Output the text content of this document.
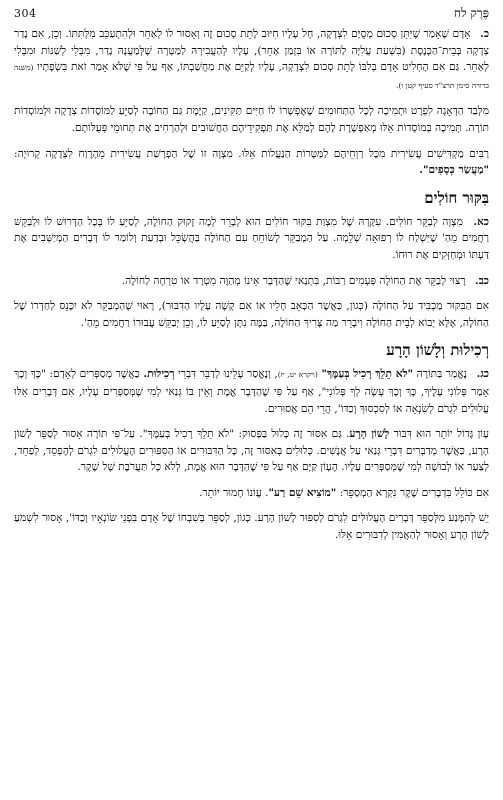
304	פֶּרֶק לח

כ. אָדָם שֶׁאָמַר שֶׁיִּתֵּן סְכוּם מְסֻיָּם לִצְדָקָה, חָל עָלָיו חִיּוּב לָתֵת סְכוּם זֶה וְאָסוּר לוֹ לְאַחֵר וּלְהִתְעַכֵּב מִלְּתִתּוֹ. וְכֵן, אִם נָדַר צְדָקָה בְּבֵית־הַכְּנֶסֶת (בִּשְׁעַת עֲלִיָּה לַתּוֹרָה אוֹ בִּזְמַן אַחֵר), עָלָיו לְהַעֲבִירָהּ לַמַּטָּרָה שֶׁלְּמַעֲנָהּ נָדַר, מִבְּלִי לְשַׁנּוֹת וּמִבְּלִי לְאַחֵר. גַּם אִם הֶחְלִיט אָדָם בְּלִבּוֹ לָתֵת סְכוּם לִצְדָקָה, עָלָיו לְקַיֵּם אֶת מַחֲשַׁבְתּוֹ, אַף עַל פִּי שֶׁלֹּא אָמַר זֹאת בִּשְׂפָתָיו (משנה ברורה סימן תרצ"ד סעיף קטן ו).

מִלְּבַד הַדְּאָגָה לִפְרָט וּתְמִיכָה לְכָל הַתְּחוּמִים שֶׁאֶפְשָׁרוֹ לוֹ חַיִּים תַּקִּינִים, קַיֶּמֶת גַּם הַחוֹבָה לְסַיֵּעַ לַמּוֹסָדוֹת צְדָקָה וּלְמוֹסְדוֹת תּוֹרָה. תְּמִיכָה בְּמוֹסָדוֹת אֵלּוּ מְאַפְשֶׁרֶת לָהֶם לְמַלֵּא אֶת תַּפְקִידֵיהֶם הַחֲשׁוּבִים וּלְהַרְחִיב אֶת תְּחוּמֵי פְּעֻלּוֹתָם.

רַבִּים מַקְדִּישִׁים עֲשִׂירִית מִכָּל רַוְחֵיהֶם לַמַּטָּרוֹת הַנַּעֲלוֹת אֵלּוּ. מִצְוָה זוֹ שֶׁל הַפְרָשַׁת עֲשִׂירִית מֵהָרֶוַח לִצְדָקָה קְרוּיָה: "מַעֲשַׂר כְּסָפִים".

בִּקּוּר חוֹלִים

כא. מִצְוָה לְבַקֵּר חוֹלִים. עִקָּרָהּ שֶׁל מִצְוַת בִּקּוּר חוֹלִים הוּא לְבָרֵר לְמָה זָקוּק הַחוֹלֶה, לְסַיֵּעַ לוֹ בְּכָל הַדָּרוּשׁ לוֹ וּלְבַקֵּשׁ רַחֲמִים מֵהַ' שֶׁיִּשְׁלַח לוֹ רְפוּאָה שְׁלֵמָה. עַל הַמְבַקֵּר לְשׂוֹחֵחַ עִם הַחוֹלֶה בַּהֲשְׂכֵּל וּבְדַעַת וְלוֹמַר לוֹ דְּבָרִים הַמְיַשְּׁבִים אֶת דַּעְתּוֹ וּמְחַזְּקִים אֶת רוּחוֹ.

כב. רָצוּי לְבַקֵּר אֶת הַחוֹלֶה פְּעָמִים רַבּוֹת, בִּתְנַאי שֶׁהַדָּבָר אֵינוֹ מְהַוֶּה מִטְרָד אוֹ טִרְחָה לַחוֹלֶה.

אִם הַבִּקּוּר מַכְבִּיד עַל הַחוֹלֶה (כְּגוֹן, כַּאֲשֶׁר הַכְּאֵב חָלֵיו אוֹ אִם קָשֶׁה עָלָיו הַדִּבּוּר), רָאוּי שֶׁהַמְבַקֵּר לֹא יִכָּנֵס לְחַדְרוֹ שֶׁל הַחוֹלֶה, אֶלָּא יָבוֹא לְבֵית הַחוֹלֶה וִיבָרֵר מַה צָּרִיךְ הַחוֹלֶה, בַּמֶּה נִתָּן לְסַיֵּעַ לוֹ, וְכֵן יְבַקֵּשׁ עֲבוּרוֹ רַחֲמִים מֵהַ'.

רְכִילוּת וְלָשׁוֹן הָרָע

כג. נֶאֱמַר בַּתּוֹרָה "לֹא תֵלֵךְ רָכִיל בְּעַמֶּךָ" (ויקרא יט, יז), וְנֶאֱסַר עָלֵינוּ לְדַבֵּר דִּבְרֵי רְכִילוּת. כַּאֲשֶׁר מְסַפְּרִים לְאָדָם: "כָּךְ וְכָךְ אָמַר פְּלוֹנִי עָלֶיךָ, כָּךְ וְכָךְ עָשָׂה לְךָ פְּלוֹנִי", אַף עַל פִּי שֶׁהַדָּבָר אֱמֶת וְאֵין בּוֹ גְּנַאי לְמִי שֶׁמְּסַפְּרִים עָלָיו, אִם דְּבָרִים אֵלּוּ עֲלוּלִים לִגְרֹם לְשִׂנְאָה אוֹ לְסִכְסוּךְ וְכַדּוֹ', הֲרֵי הֵם אֲסוּרִים.

עָוֹן גָּדוֹל יוֹתֵר הוּא דִּבּוּר לָשׁוֹן הָרָע. גַּם אִסּוּר זֶה כָּלוּל בַּפָּסוּק: "לֹא תֵלֵךְ רָכִיל בְּעַמֶּךָ". עַל־פִּי תּוֹרָה אָסוּר לְסַפֵּר לָשׁוֹן הָרָע, כַּאֲשֶׁר מְדַבְּרִים דִּבְרֵי גְּנַאי עַל אֲנָשִׁים. כְּלוּלִים בְּאִסּוּר זֶה, כָּל הַדִּבּוּרִים אוֹ הַסִּפּוּרִים הָעֲלוּלִים לִגְרֹם לְהֶפְסֵד, לְפַחֵד, לְצַעַר אוֹ לְבוּשָׁה לְמִי שֶׁמְּסַפְּרִים עָלָיו. הֶעָוֹן קַיָּם אַף עַל פִּי שֶׁהַדָּבָר הוּא אֱמֶת, לְלֹא כָּל תַּעֲרֹבֶת שֶׁל שֶׁקֶר.

אִם כּוֹלֵל בִּדְבָרִים שֶׁקֶר נִקְרָא הַמְסַפֵּר: "מוֹצִיא שֵׁם רַע". עֲוֹנוֹ חָמוּר יוֹתֵר.

יֵשׁ לְהִמָּנַע מִלְּסַפֵּר דְּבָרִים הָעֲלוּלִים לִגְרֹם לְסִפּוּר לָשׁוֹן הָרָע. כְּגוֹן, לְסַפֵּר בְּשִׁבְחוֹ שֶׁל אָדָם בִּפְנֵי שׂוֹנְאָיו וְכַדּוֹ', אָסוּר לִשְׁמֹעַ לָשׁוֹן הָרָע וְאָסוּר לְהַאֲמִין לְדִבּוּרִים אֵלּוּ.
